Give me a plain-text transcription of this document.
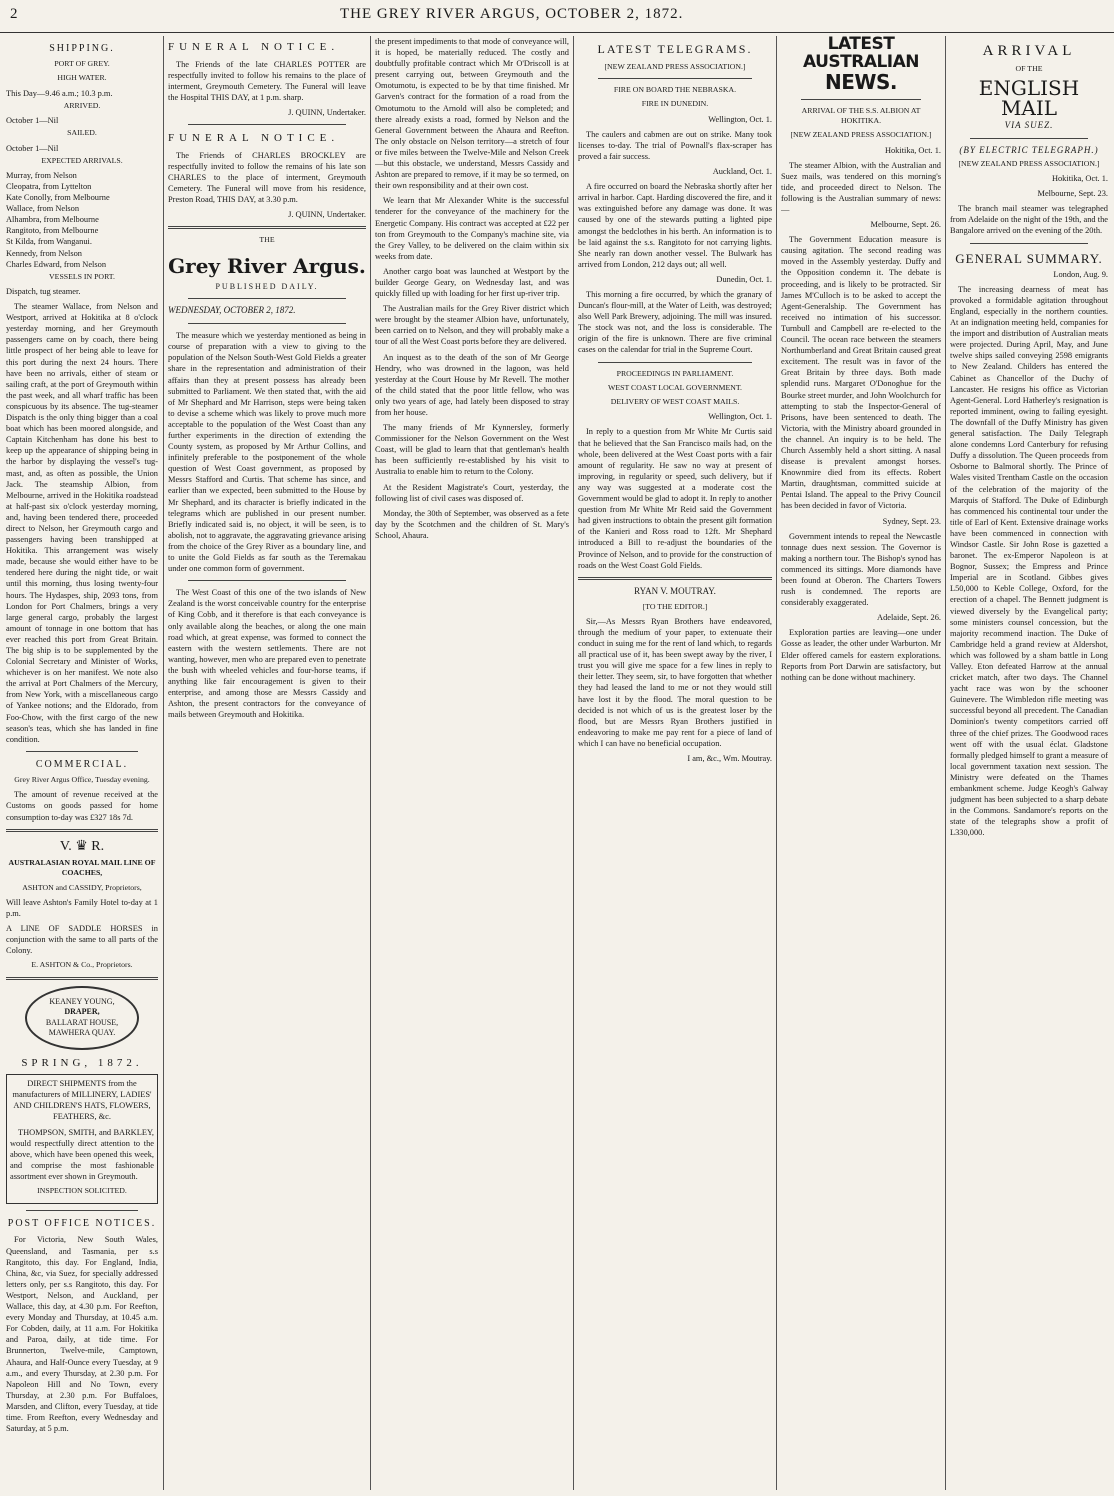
2	THE GREY RIVER ARGUS, OCTOBER 2, 1872.
SHIPPING.
PORT OF GREY.
HIGH WATER.

This Day—9.46 a.m.; 10.3 p.m.

ARRIVED.

October 1—Nil

SAILED.

October 1—Nil

EXPECTED ARRIVALS.

Murray, from Nelson

Cleopatra, from Lyttelton

Kate Conolly, from Melbourne

Wallace, from Nelson

Alhambra, from Melbourne

Rangitoto, from Melbourne

St Kilda, from Wanganui.

Kennedy, from Nelson

Charles Edward, from Nelson

VESSELS IN PORT.

Dispatch, tug steamer.

The steamer Wallace, from Nelson and Westport, arrived at Hokitika at 8 o'clock yesterday morning, and her Greymouth passengers came on by coach, there being little prospect of her being able to leave for this port during the next 24 hours. There have been no arrivals, either of steam or sailing craft, at the port of Greymouth within the past week, and all wharf traffic has been conspicuous by its absence. The tug-steamer Dispatch is the only thing bigger than a coal boat which has been moored alongside, and Captain Kitchenham has done his best to keep up the appearance of shipping being in the harbor by displaying the vessel's tug-mast, and, as often as possible, the Union Jack. The steamship Albion, from Melbourne, arrived in the Hokitika roadstead at half-past six o'clock yesterday morning, and, having been tendered there, proceeded direct to Nelson, her Greymouth cargo and passengers having been transhipped at Hokitika. This arrangement was wisely made, because she would either have to be tendered here during the night tide, or wait until this morning, thus losing twenty-four hours. The Hydaspes, ship, 2093 tons, from London for Port Chalmers, brings a very large general cargo, probably the largest amount of tonnage in one bottom that has ever reached this port from Great Britain. The big ship is to be supplemented by the Colonial Secretary and Minister of Works, whichever is on her manifest. We note also the arrival at Port Chalmers of the Mercury, from New York, with a miscellaneous cargo of Yankee notions; and the Eldorado, from Foo-Chow, with the first cargo of the new season's teas, which she has landed in fine condition.

COMMERCIAL.
Grey River Argus Office, Tuesday evening.

The amount of revenue received at the Customs on goods passed for home consumption to-day was £327 18s 7d.

V. ♛ R.
AUSTRALASIAN ROYAL MAIL LINE OF COACHES,
ASHTON and CASSIDY, Proprietors,

Will leave Ashton's Family Hotel to-day at 1 p.m.

A LINE OF SADDLE HORSES in conjunction with the same to all parts of the Colony.

E. ASHTON & Co., Proprietors.
KEANEY YOUNG,
DRAPER,
BALLARAT HOUSE,
MAWHERA QUAY.
SPRING, 1872.

DIRECT SHIPMENTS from the manufacturers of MILLINERY, LADIES' AND CHILDREN'S HATS, FLOWERS, FEATHERS, &c.

THOMPSON, SMITH, and BARKLEY, would respectfully direct attention to the above, which have been opened this week, and comprise the most fashionable assortment ever shown in Greymouth.

INSPECTION SOLICITED.
POST OFFICE NOTICES.

For Victoria, New South Wales, Queensland, and Tasmania, per s.s Rangitoto, this day. For England, India, China, &c, via Suez, for specially addressed letters only, per s.s Rangitoto, this day. For Westport, Nelson, and Auckland, per Wallace, this day, at 4.30 p.m. For Reefton, every Monday and Thursday, at 10.45 a.m. For Cobden, daily, at 11 a.m. For Hokitika and Paroa, daily, at tide time. For Brunnerton, Twelve-mile, Camptown, Ahaura, and Half-Ounce every Tuesday, at 9 a.m., and every Thursday, at 2.30 p.m. For Napoleon Hill and No Town, every Thursday, at 2.30 p.m. For Buffaloes, Marsden, and Clifton, every Tuesday, at tide time. From Reefton, every Wednesday and Saturday, at 5 p.m.

FUNERAL NOTICE.

The Friends of the late CHARLES POTTER are respectfully invited to follow his remains to the place of interment, Greymouth Cemetery. The Funeral will leave the Hospital THIS DAY, at 1 p.m. sharp.

J. QUINN, Undertaker.

FUNERAL NOTICE.

The Friends of CHARLES BROCKLEY are respectfully invited to follow the remains of his late son CHARLES to the place of interment, Greymouth Cemetery. The Funeral will move from his residence, Preston Road, THIS DAY, at 3.30 p.m.

J. QUINN, Undertaker.

THE
Grey River Argus.
PUBLISHED DAILY.
WEDNESDAY, OCTOBER 2, 1872.

The measure which we yesterday mentioned as being in course of preparation with a view to giving to the population of the Nelson South-West Gold Fields a greater share in the representation and administration of their affairs than they at present possess has already been submitted to Parliament. We then stated that, with the aid of Mr Shephard and Mr Harrison, steps were being taken to devise a scheme which was likely to prove much more acceptable to the population of the West Coast than any further experiments in the direction of extending the County system, as proposed by Mr Arthur Collins, and infinitely preferable to the postponement of the whole question of West Coast government, as proposed by Messrs Stafford and Curtis. That scheme has since, and earlier than we expected, been submitted to the House by Mr Shephard, and its character is briefly indicated in the telegrams which are published in our present number. Briefly indicated said is, no object, it will be seen, is to abolish, not to aggravate, the aggravating grievance arising from the choice of the Grey River as a boundary line, and to unite the Gold Fields as far south as the Teremakau under one common form of government.

The West Coast of this one of the two islands of New Zealand is the worst conceivable country for the enterprise of King Cobb, and it therefore is that each conveyance is only available along the beaches, or along the one main road which, at great expense, was formed to connect the eastern with the western settlements. There are not wanting, however, men who are prepared even to penetrate the bush with wheeled vehicles and four-horse teams, if anything like fair encouragement is given to their enterprise, and among those are Messrs Cassidy and Ashton, the present contractors for the conveyance of mails between Greymouth and Hokitika.

the present impediments to that mode of conveyance will, it is hoped, be materially reduced. The costly and doubtfully profitable contract which Mr O'Driscoll is at present carrying out, between Greymouth and the Omotumotu, is expected to be by that time finished. Mr Garven's contract for the formation of a road from the Omotumotu to the Arnold will also be completed; and there already exists a road, formed by Nelson and the General Government between the Ahaura and Reefton. The only obstacle on Nelson territory—a stretch of four or five miles between the Twelve-Mile and Nelson Creek—but this obstacle, we understand, Messrs Cassidy and Ashton are prepared to remove, if it may be so termed, on their own responsibility and at their own cost.

We learn that Mr Alexander White is the successful tenderer for the conveyance of the machinery for the Energetic Company. His contract was accepted at £22 per ton from Greymouth to the Company's machine site, via the Grey Valley, to be delivered on the claim within six weeks from date.

Another cargo boat was launched at Westport by the builder George Geary, on Wednesday last, and was quickly filled up with loading for her first up-river trip.

The Australian mails for the Grey River district which were brought by the steamer Albion have, unfortunately, been carried on to Nelson, and they will probably make a tour of all the West Coast ports before they are delivered.

An inquest as to the death of the son of Mr George Hendry, who was drowned in the lagoon, was held yesterday at the Court House by Mr Revell. The mother of the child stated that the poor little fellow, who was only two years of age, had lately been disposed to stray from her house.

The many friends of Mr Kynnersley, formerly Commissioner for the Nelson Government on the West Coast, will be glad to learn that that gentleman's health has been sufficiently re-established by his visit to Australia to enable him to return to the Colony.

At the Resident Magistrate's Court, yesterday, the following list of civil cases was disposed of.

Monday, the 30th of September, was observed as a fete day by the Scotchmen and the children of St. Mary's School, Ahaura.

LATEST TELEGRAMS.
[NEW ZEALAND PRESS ASSOCIATION.]
FIRE ON BOARD THE NEBRASKA.
FIRE IN DUNEDIN.

Wellington, Oct. 1.

The caulers and cabmen are out on strike. Many took licenses to-day. The trial of Pownall's flax-scraper has proved a fair success.

Auckland, Oct. 1.

A fire occurred on board the Nebraska shortly after her arrival in harbor. Capt. Harding discovered the fire, and it was extinguished before any damage was done. It was caused by one of the stewards putting a lighted pipe amongst the bedclothes in his berth. An information is to be laid against the s.s. Rangitoto for not carrying lights. She nearly ran down another vessel. The Bulwark has arrived from London, 212 days out; all well.

Dunedin, Oct. 1.

This morning a fire occurred, by which the granary of Duncan's flour-mill, at the Water of Leith, was destroyed; also Well Park Brewery, adjoining. The mill was insured. The stock was not, and the loss is considerable. The origin of the fire is unknown. There are five criminal cases on the calendar for trial in the Supreme Court.

PROCEEDINGS IN PARLIAMENT.
WEST COAST LOCAL GOVERNMENT.
DELIVERY OF WEST COAST MAILS.

Wellington, Oct. 1.

In reply to a question from Mr White Mr Curtis said that he believed that the San Francisco mails had, on the whole, been delivered at the West Coast ports with a fair amount of regularity. He saw no way at present of improving, in regularity or speed, such delivery, but if any way was suggested at a moderate cost the Government would be glad to adopt it. In reply to another question from Mr White Mr Reid said the Government had given instructions to obtain the present gilt formation of the Kanieri and Ross road to 12ft. Mr Shephard introduced a Bill to re-adjust the boundaries of the Province of Nelson, and to provide for the construction of roads on the West Coast Gold Fields.

RYAN V. MOUTRAY.
[TO THE EDITOR.]

Sir,—As Messrs Ryan Brothers have endeavored, through the medium of your paper, to extenuate their conduct in suing me for the rent of land which, to regards all practical use of it, has been swept away by the river, I trust you will give me space for a few lines in reply to their letter. They seem, sir, to have forgotten that whether they had leased the land to me or not they would still have lost it by the flood. The moral question to be decided is not which of us is the greatest loser by the flood, but are Messrs Ryan Brothers justified in endeavoring to make me pay rent for a piece of land of which I can have no beneficial occupation.

I am, &c., Wm. Moutray.

LATEST AUSTRALIAN
NEWS.
ARRIVAL OF THE S.S. ALBION AT HOKITIKA.
[NEW ZEALAND PRESS ASSOCIATION.]

Hokitika, Oct. 1.

The steamer Albion, with the Australian and Suez mails, was tendered on this morning's tide, and proceeded direct to Nelson. The following is the Australian summary of news:—

Melbourne, Sept. 26.

The Government Education measure is causing agitation. The second reading was moved in the Assembly yesterday. Duffy and the Opposition condemn it. The debate is proceeding, and is likely to be protracted. Sir James M'Culloch is to be asked to accept the Agent-Generalship. The Government has received no intimation of his successor. Turnbull and Campbell are re-elected to the Council. The ocean race between the steamers Northumberland and Great Britain caused great excitement. The result was in favor of the Great Britain by three days. Both made splendid runs. Margaret O'Donoghue for the Bourke street murder, and John Woolchurch for attempting to stab the Inspector-General of Prisons, have been sentenced to death. The Victoria, with the Ministry aboard grounded in the channel. An inquiry is to be held. The Church Assembly held a short sitting. A nasal disease is prevalent amongst horses. Knownmire died from its effects. Robert Martin, draughtsman, committed suicide at Pentai Island. The appeal to the Privy Council has been decided in favor of Victoria.

Sydney, Sept. 23.

Government intends to repeal the Newcastle tonnage dues next session. The Governor is making a northern tour. The Bishop's synod has commenced its sittings. More diamonds have been found at Oberon. The Charters Towers rush is condemned. The reports are considerably exaggerated.

Adelaide, Sept. 26.

Exploration parties are leaving—one under Gosse as leader, the other under Warburton. Mr Elder offered camels for eastern explorations. Reports from Port Darwin are satisfactory, but nothing can be done without machinery.

ARRIVAL
OF THE
ENGLISH MAIL
VIA SUEZ.
(BY ELECTRIC TELEGRAPH.)
[NEW ZEALAND PRESS ASSOCIATION.]

Hokitika, Oct. 1.

Melbourne, Sept. 23.

The branch mail steamer was telegraphed from Adelaide on the night of the 19th, and the Bangalore arrived on the evening of the 20th.

GENERAL SUMMARY.

London, Aug. 9.

The increasing dearness of meat has provoked a formidable agitation throughout England, especially in the northern counties. At an indignation meeting held, companies for the import and distribution of Australian meats were projected. During April, May, and June twelve ships sailed conveying 2598 emigrants to New Zealand. Childers has entered the Cabinet as Chancellor of the Duchy of Lancaster. He resigns his office as Victorian Agent-General. Lord Hatherley's resignation is reported imminent, owing to failing eyesight. The downfall of the Duffy Ministry has given general satisfaction. The Daily Telegraph alone condemns Lord Canterbury for refusing Duffy a dissolution. The Queen proceeds from Osborne to Balmoral shortly. The Prince of Wales visited Trentham Castle on the occasion of the celebration of the majority of the Marquis of Stafford. The Duke of Edinburgh has commenced his continental tour under the title of Earl of Kent. Extensive drainage works have been commenced in connection with Windsor Castle. Sir John Rose is gazetted a baronet. The ex-Emperor Napoleon is at Bognor, Sussex; the Empress and Prince Imperial are in Scotland. Gibbes gives L50,000 to Keble College, Oxford, for the erection of a chapel. The Bennett judgment is viewed diversely by the Evangelical party; some ministers counsel concession, but the majority recommend inaction. The Duke of Cambridge held a grand review at Aldershot, which was followed by a sham battle in Long Valley. Eton defeated Harrow at the annual cricket match, after two days. The Channel yacht race was won by the schooner Guinevere. The Wimbledon rifle meeting was successful beyond all precedent. The Canadian Dominion's twenty competitors carried off three of the chief prizes. The Goodwood races went off with the usual éclat. Gladstone formally pledged himself to grant a measure of local government taxation next session. The Ministry were defeated on the Thames embankment scheme. Judge Keogh's Galway judgment has been subjected to a sharp debate in the Commons. Sandamore's reports on the state of the telegraphs show a profit of L330,000.
